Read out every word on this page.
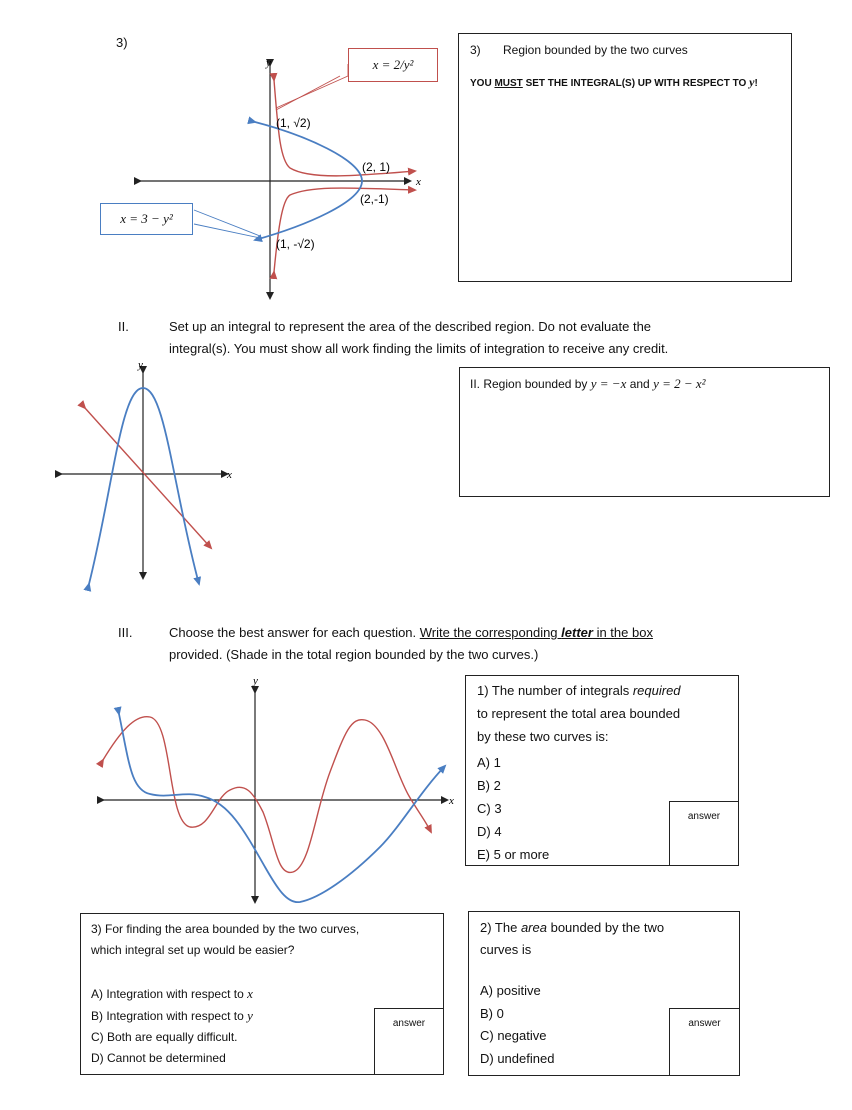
3)
y
x
(1, √2)
(2, 1)
(2,-1)
(1, -√2)
x = 2/y²
x = 3 − y²
3) Region bounded by the two curves
YOU MUST SET THE INTEGRAL(S) UP WITH RESPECT TO y!
II.	Set up an integral to represent the area of the described region. Do not evaluate the
integral(s). You must show all work finding the limits of integration to receive any credit.
y
x
II. Region bounded by y = −x and y = 2 − x²
III.	Choose the best answer for each question. Write the corresponding letter in the box
provided. (Shade in the total region bounded by the two curves.)
y
x
1) The number of integrals required
to represent the total area bounded
by these two curves is:
A) 1
B) 2
C) 3
D) 4
E) 5 or more
answer
3) For finding the area bounded by the two curves,
which integral set up would be easier?
A) Integration with respect to x
B) Integration with respect to y
C) Both are equally difficult.
D) Cannot be determined
answer
2) The area bounded by the two
curves is
A) positive
B) 0
C) negative
D) undefined
answer
